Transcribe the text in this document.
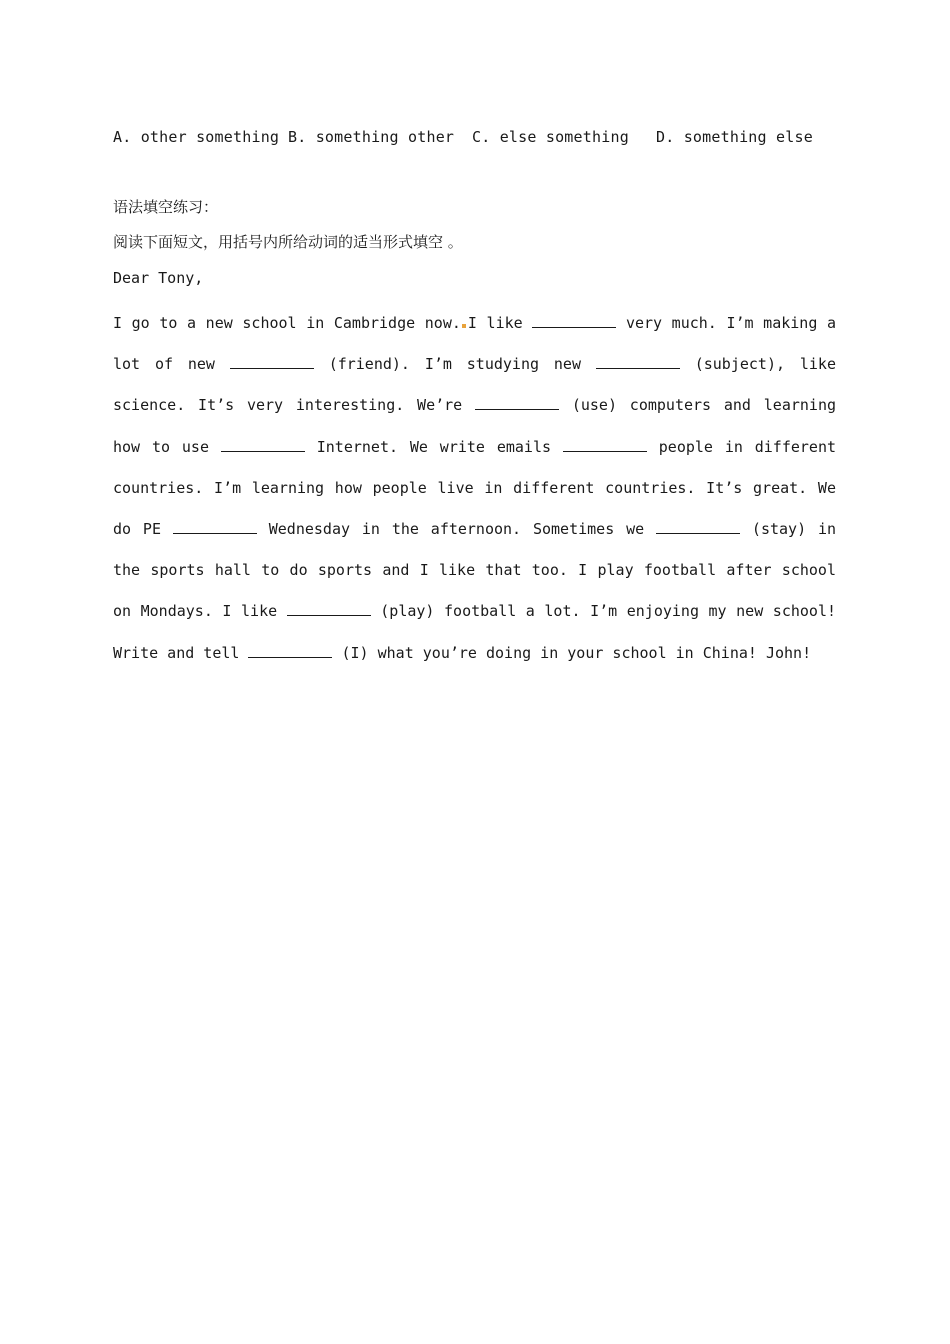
A. other something B. something other C. else something D. something else
语法填空练习：
阅读下面短文，用括号内所给动词的适当形式填空 。
Dear Tony,
I go to a new school in Cambridge now. I like	very much. I’m making a lot of new	(friend). I’m studying new	(subject), like science. It’s very interesting. We’re	(use) computers and learning how to use	Internet. We write emails	people in different countries. I’m learning how people live in different countries. It’s great. We do PE	Wednesday in the afternoon. Sometimes we	(stay) in the sports hall to do sports and I like that too. I play football after school on Mondays. I like	(play) football a lot. I’m enjoying my new school! Write and tell	(I) what you’re doing in your school in China! John!
